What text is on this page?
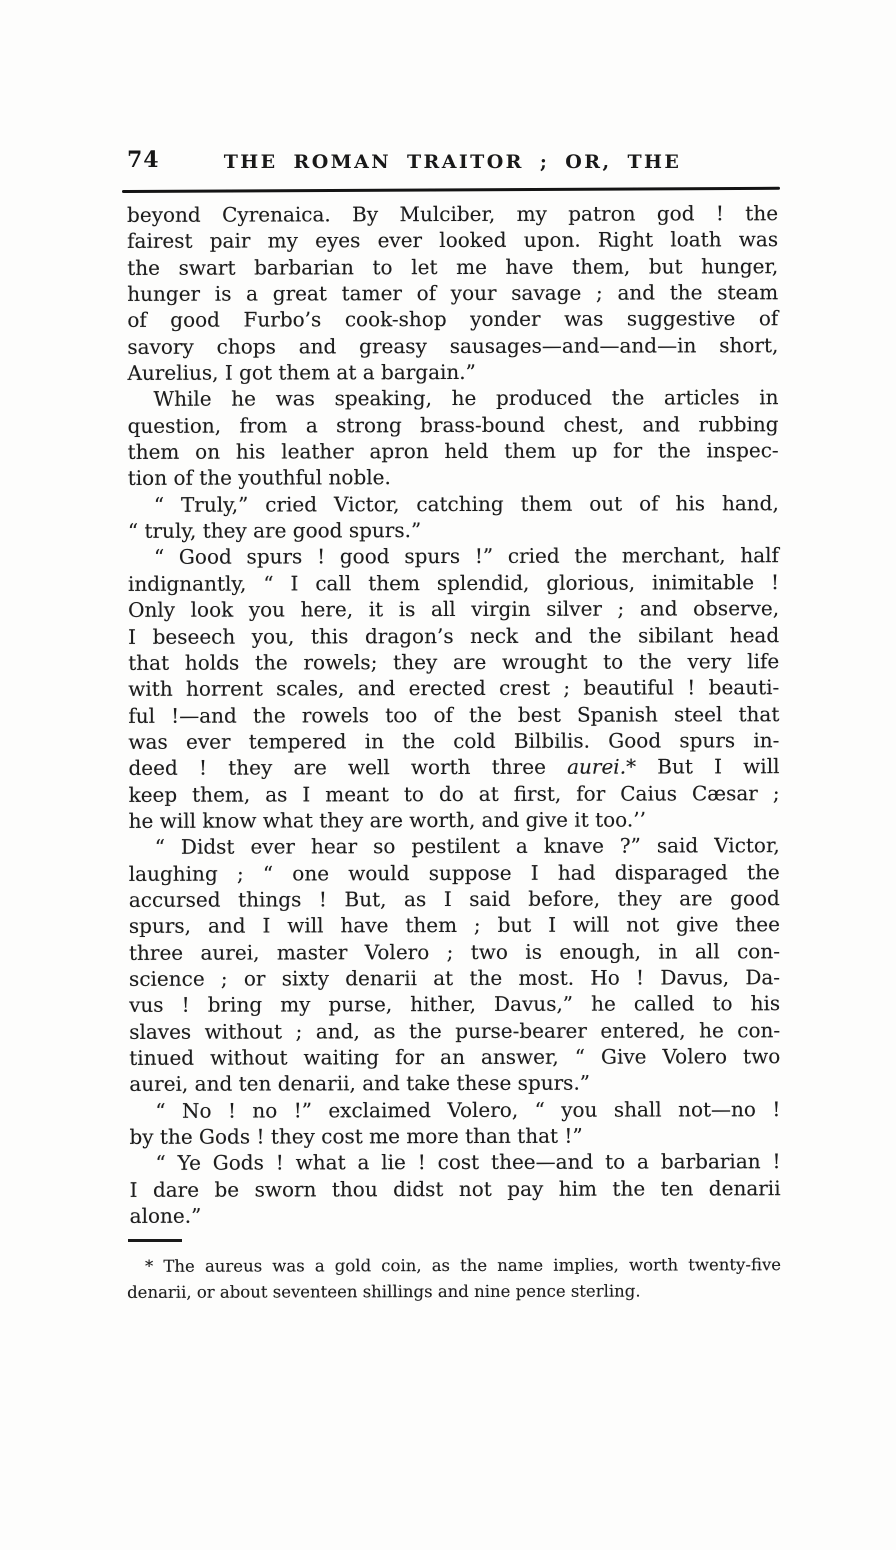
74	THE ROMAN TRAITOR ; OR, THE
beyond Cyrenaica. By Mulciber, my patron god ! the
fairest pair my eyes ever looked upon. Right loath was
the swart barbarian to let me have them, but hunger,
hunger is a great tamer of your savage ; and the steam
of good Furbo’s cook-shop yonder was suggestive of
savory chops and greasy sausages—and—and—in short,
Aurelius, I got them at a bargain.”
While he was speaking, he produced the articles in
question, from a strong brass-bound chest, and rubbing
them on his leather apron held them up for the inspec-
tion of the youthful noble.
“ Truly,” cried Victor, catching them out of his hand,
“ truly, they are good spurs.”
“ Good spurs ! good spurs !” cried the merchant, half
indignantly, “ I call them splendid, glorious, inimitable !
Only look you here, it is all virgin silver ; and observe,
I beseech you, this dragon’s neck and the sibilant head
that holds the rowels; they are wrought to the very life
with horrent scales, and erected crest ; beautiful ! beauti-
ful !—and the rowels too of the best Spanish steel that
was ever tempered in the cold Bilbilis. Good spurs in-
deed ! they are well worth three aurei.* But I will
keep them, as I meant to do at first, for Caius Cæsar ;
he will know what they are worth, and give it too.’’
“ Didst ever hear so pestilent a knave ?” said Victor,
laughing ; “ one would suppose I had disparaged the
accursed things ! But, as I said before, they are good
spurs, and I will have them ; but I will not give thee
three aurei, master Volero ; two is enough, in all con-
science ; or sixty denarii at the most. Ho ! Davus, Da-
vus ! bring my purse, hither, Davus,” he called to his
slaves without ; and, as the purse-bearer entered, he con-
tinued without waiting for an answer, “ Give Volero two
aurei, and ten denarii, and take these spurs.”
“ No ! no !” exclaimed Volero, “ you shall not—no !
by the Gods ! they cost me more than that !”
“ Ye Gods ! what a lie ! cost thee—and to a barbarian !
I dare be sworn thou didst not pay him the ten denarii
alone.”
* The aureus was a gold coin, as the name implies, worth twenty-five
denarii, or about seventeen shillings and nine pence sterling.
